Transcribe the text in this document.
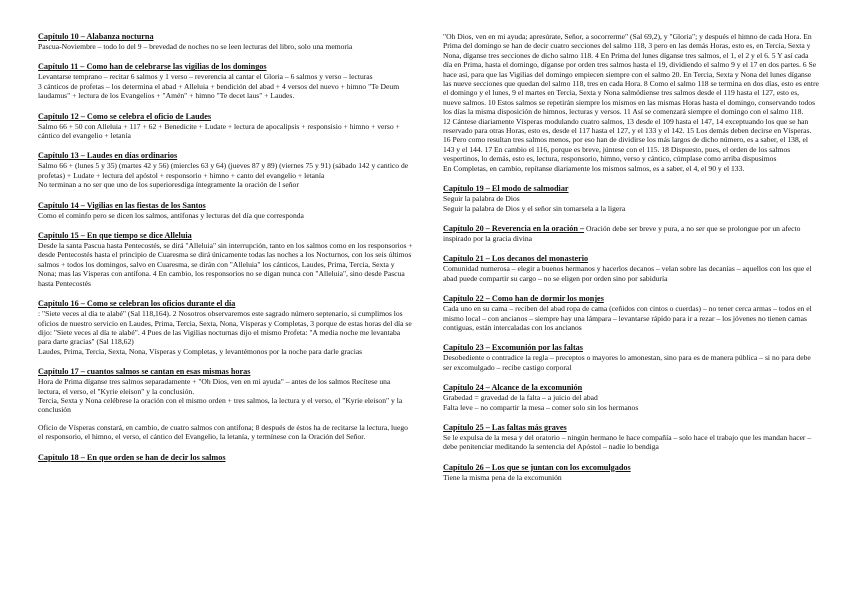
Capítulo 10 – Alabanza nocturna

Pascua-Noviembre – todo lo del 9 – brevedad de noches no se leen lecturas del libro, solo una memoria

Capítulo 11 – Como han de celebrarse las vigilias de los domingos

Levantarse temprano – recitar 6 salmos y 1 verso – reverencia al cantar el Gloria – 6 salmos y verso – lecturas

3 cánticos de profetas – los determina el abad + Alleluia + bendición del abad + 4 versos del nuevo + himno "Te Deum laudamus" + lectura de los Evangelios + "Amén" + himno "Te decet laus" + Laudes.

Capítulo 12 – Como se celebra el oficio de Laudes

Salmo 66 + 50 con Alleluia + 117 + 62 + Benedicite + Ludate + lectura de apocalipsis + responsisio + himno + verso + cántico del evangelio + letanía

Capítulo 13 – Laudes en días ordinarios

Salmo 66 + (lunes 5 y 35) (martes 42 y 56) (miercles 63 y 64) (jueves 87 y 89) (viernes 75 y 91) (sábado 142 y cantico de profetas) + Ludate + lectura del apóstol + responsorio + himno + canto del evangelio + letanía

No terminan a no ser que uno de los superioresdiga íntegramente la oración de l señor

Capítulo 14 – Vigilias en las fiestas de los Santos

Como el cominfo pero se dicen los salmos, antífonas y lecturas del día que corresponda

Capítulo 15 – En que tiempo se dice Alleluia

Desde la santa Pascua hasta Pentecostés, se dirá "Alleluia" sin interrupción, tanto en los salmos como en los responsorios + desde Pentecostés hasta el principio de Cuaresma se dirá únicamente todas las noches a los Nocturnos, con los seis últimos salmos + todos los domingos, salvo en Cuaresma, se dirán con "Alleluia" los cánticos, Laudes, Prima, Tercia, Sexta y Nona; mas las Vísperas con antífona. 4 En cambio, los responsorios no se digan nunca con "Alleluia", sino desde Pascua hasta Pentecostés

Capítulo 16 – Como se celebran los oficios durante el día

: "Siete veces al día te alabé" (Sal 118,164). 2 Nosotros observaremos este sagrado número septenario, si cumplimos los oficios de nuestro servicio en Laudes, Prima, Tercia, Sexta, Nona, Vísperas y Completas, 3 porque de estas horas del día se dijo: "Siete veces al día te alabé". 4 Pues de las Vigilias nocturnas dijo el mismo Profeta: "A media noche me levantaba para darte gracias" (Sal 118,62)

Laudes, Prima, Tercia, Sexta, Nona, Vísperas y Completas, y levantémonos por la noche para darle gracias

Capítulo 17 – cuantos salmos se cantan en esas mismas horas

Hora de Prima díganse tres salmos separadamente + "Oh Dios, ven en mi ayuda" – antes de los salmos Recítese una lectura, el verso, el "Kyrie eleison" y la conclusión.

Tercia, Sexta y Nona celébrese la oración con el mismo orden + tres salmos, la lectura y el verso, el "Kyrie eleison" y la conclusión

Oficio de Vísperas constará, en cambio, de cuatro salmos con antífona; 8 después de éstos ha de recitarse la lectura, luego el responsorio, el himno, el verso, el cántico del Evangelio, la letanía, y termínese con la Oración del Señor.

Capítulo 18 – En que orden se han de decir los salmos

"Oh Dios, ven en mi ayuda; apresúrate, Señor, a socorrerme" (Sal 69,2), y "Gloria"; y después el himno de cada Hora. En Prima del domingo se han de decir cuatro secciones del salmo 118, 3 pero en las demás Horas, esto es, en Tercia, Sexta y Nona, díganse tres secciones de dicho salmo 118. 4 En Prima del lunes díganse tres salmos, el 1, el 2 y el 6. 5 Y así cada día en Prima, hasta el domingo, díganse por orden tres salmos hasta el 19, dividiendo el salmo 9 y el 17 en dos partes. 6 Se hace así, para que las Vigilias del domingo empiecen siempre con el salmo 20. En Tercia, Sexta y Nona del lunes díganse las nueve secciones que quedan del salmo 118, tres en cada Hora. 8 Como el salmo 118 se termina en dos días, esto es entre el domingo y el lunes, 9 el martes en Tercia, Sexta y Nona salmódiense tres salmos desde el 119 hasta el 127, esto es, nueve salmos. 10 Estos salmos se repetirán siempre los mismos en las mismas Horas hasta el domingo, conservando todos los días la misma disposición de himnos, lecturas y versos. 11 Así se comenzará siempre el domingo con el salmo 118.

12 Cántese diariamente Vísperas modulando cuatro salmos, 13 desde el 109 hasta el 147, 14 exceptuando los que se han reservado para otras Horas, esto es, desde el 117 hasta el 127, y el 133 y el 142. 15 Los demás deben decirse en Vísperas. 16 Pero como resultan tres salmos menos, por eso han de dividirse los más largos de dicho número, es a saber, el 138, el 143 y el 144. 17 En cambio el 116, porque es breve, júntese con el 115. 18 Dispuesto, pues, el orden de los salmos vespertinos, lo demás, esto es, lectura, responsorio, himno, verso y cántico, cúmplase como arriba dispusimos

En Completas, en cambio, repítanse diariamente los mismos salmos, es a saber, el 4, el 90 y el 133.

Capítulo 19 – El modo de salmodiar

Seguir la palabra de Dios

Seguir la palabra de Dios y el señor sin tomarsela a la ligera

Capítulo 20 – Reverencia en la oración – Oración debe ser breve y pura, a no ser que se prolongue por un afecto inspirado por la gracia divina

Capítulo 21 – Los decanos del monasterio

Comunidad numerosa – elegir a buenos hermanos y hacerlos decanos – velan sobre las decanías – aquellos con los que el abad puede compartir su cargo – no se eligen por orden sino por sabiduría

Capítulo 22 – Como han de dormir los monjes

Cada uno en su cama – reciben del abad ropa de cama (ceñidos con cintos o cuerdas) – no tener cerca armas – todos en el mismo local – con ancianos – siempre hay una lámpara – levantarse rápido para ir a rezar – los jóvenes no tienen camas contiguas, están intercaladas con los ancianos

Capítulo 23 – Excomunión por las faltas

Desobediente o contradice la regla – preceptos o mayores lo amonestan, sino para es de manera pública – si no para debe ser excomulgado – recibe castigo corporal

Capítulo 24 – Alcance de la excomunión

Grabedad = gravedad de la falta – a juicio del abad

Falta leve – no compartir la mesa – comer solo sin los hermanos

Capítulo 25 – Las faltas más graves

Se le expulsa de la mesa y del oratorio – ningún hermano le hace compañía – solo hace el trabajo que les mandan hacer – debe penitenciar meditando la sentencia del Apóstol – nadie lo bendiga

Capítulo 26 – Los que se juntan con los excomulgados

Tiene la misma pena de la excomunión
